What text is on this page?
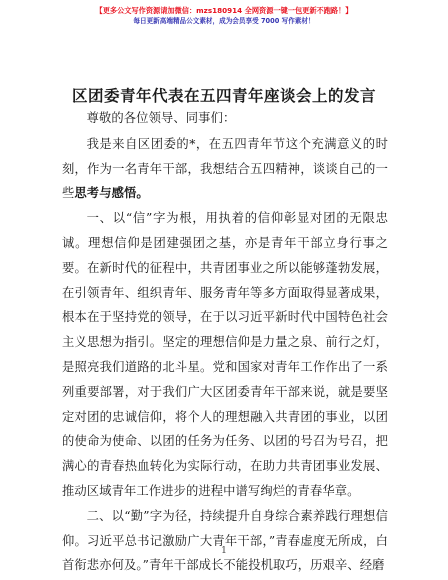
【更多公文写作资源请加微信：mzs180914 全网资源一键一包更新不跑路！】
每日更新高端精品公文素材，成为会员享受 7000 写作素材！
区团委青年代表在五四青年座谈会上的发言

尊敬的各位领导、同事们：

我是来自区团委的*，在五四青年节这个充满意义的时刻，作为一名青年干部，我想结合五四精神，谈谈自己的一些思考与感悟。

一、以“信”字为根，用执着的信仰彰显对团的无限忠诚。理想信仰是团建强团之基，亦是青年干部立身行事之要。在新时代的征程中，共青团事业之所以能够蓬勃发展，在引领青年、组织青年、服务青年等多方面取得显著成果，根本在于坚持党的领导，在于以习近平新时代中国特色社会主义思想为指引。坚定的理想信仰是力量之泉、前行之灯，是照亮我们道路的北斗星。党和国家对青年工作作出了一系列重要部署，对于我们广大区团委青年干部来说，就是要坚定对团的忠诚信仰，将个人的理想融入共青团的事业，以团的使命为使命、以团的任务为任务、以团的号召为号召，把满心的青春热血转化为实际行动，在助力共青团事业发展、推动区域青年工作进步的进程中谱写绚烂的青春华章。

二、以“勤”字为径，持续提升自身综合素养践行理想信仰。习近平总书记激励广大青年干部，”青春虚度无所成，白首衔悲亦何及。”青年干部成长不能投机取巧，历艰辛、经磨

1
